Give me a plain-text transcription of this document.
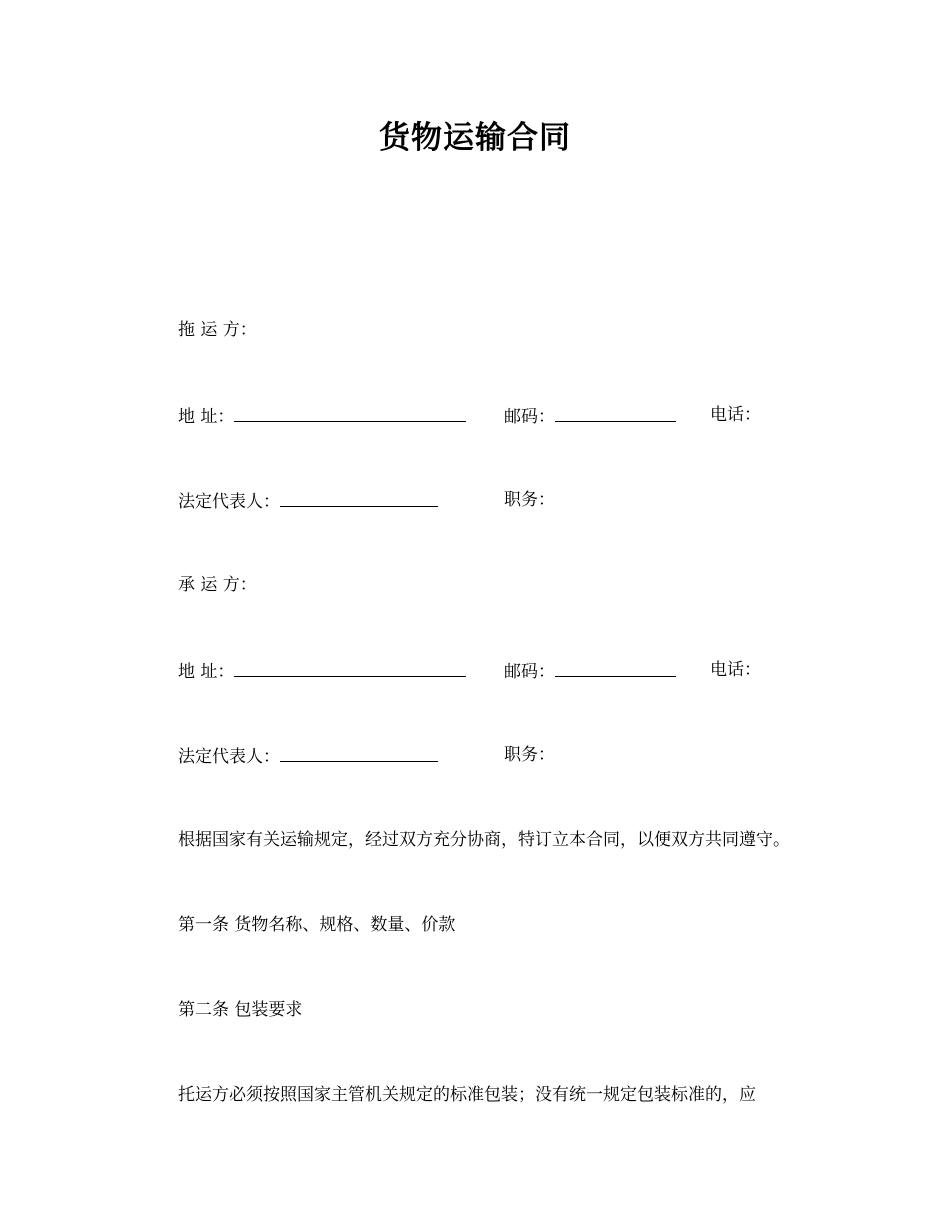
货物运输合同
拖 运 方：
地 址：	邮码：	电话：
法定代表人：	职务：
承 运 方：
地 址：	邮码：	电话：
法定代表人：	职务：
根据国家有关运输规定，经过双方充分协商，特订立本合同，以便双方共同遵守。
第一条 货物名称、规格、数量、价款
第二条 包装要求
托运方必须按照国家主管机关规定的标准包装；没有统一规定包装标准的，应
